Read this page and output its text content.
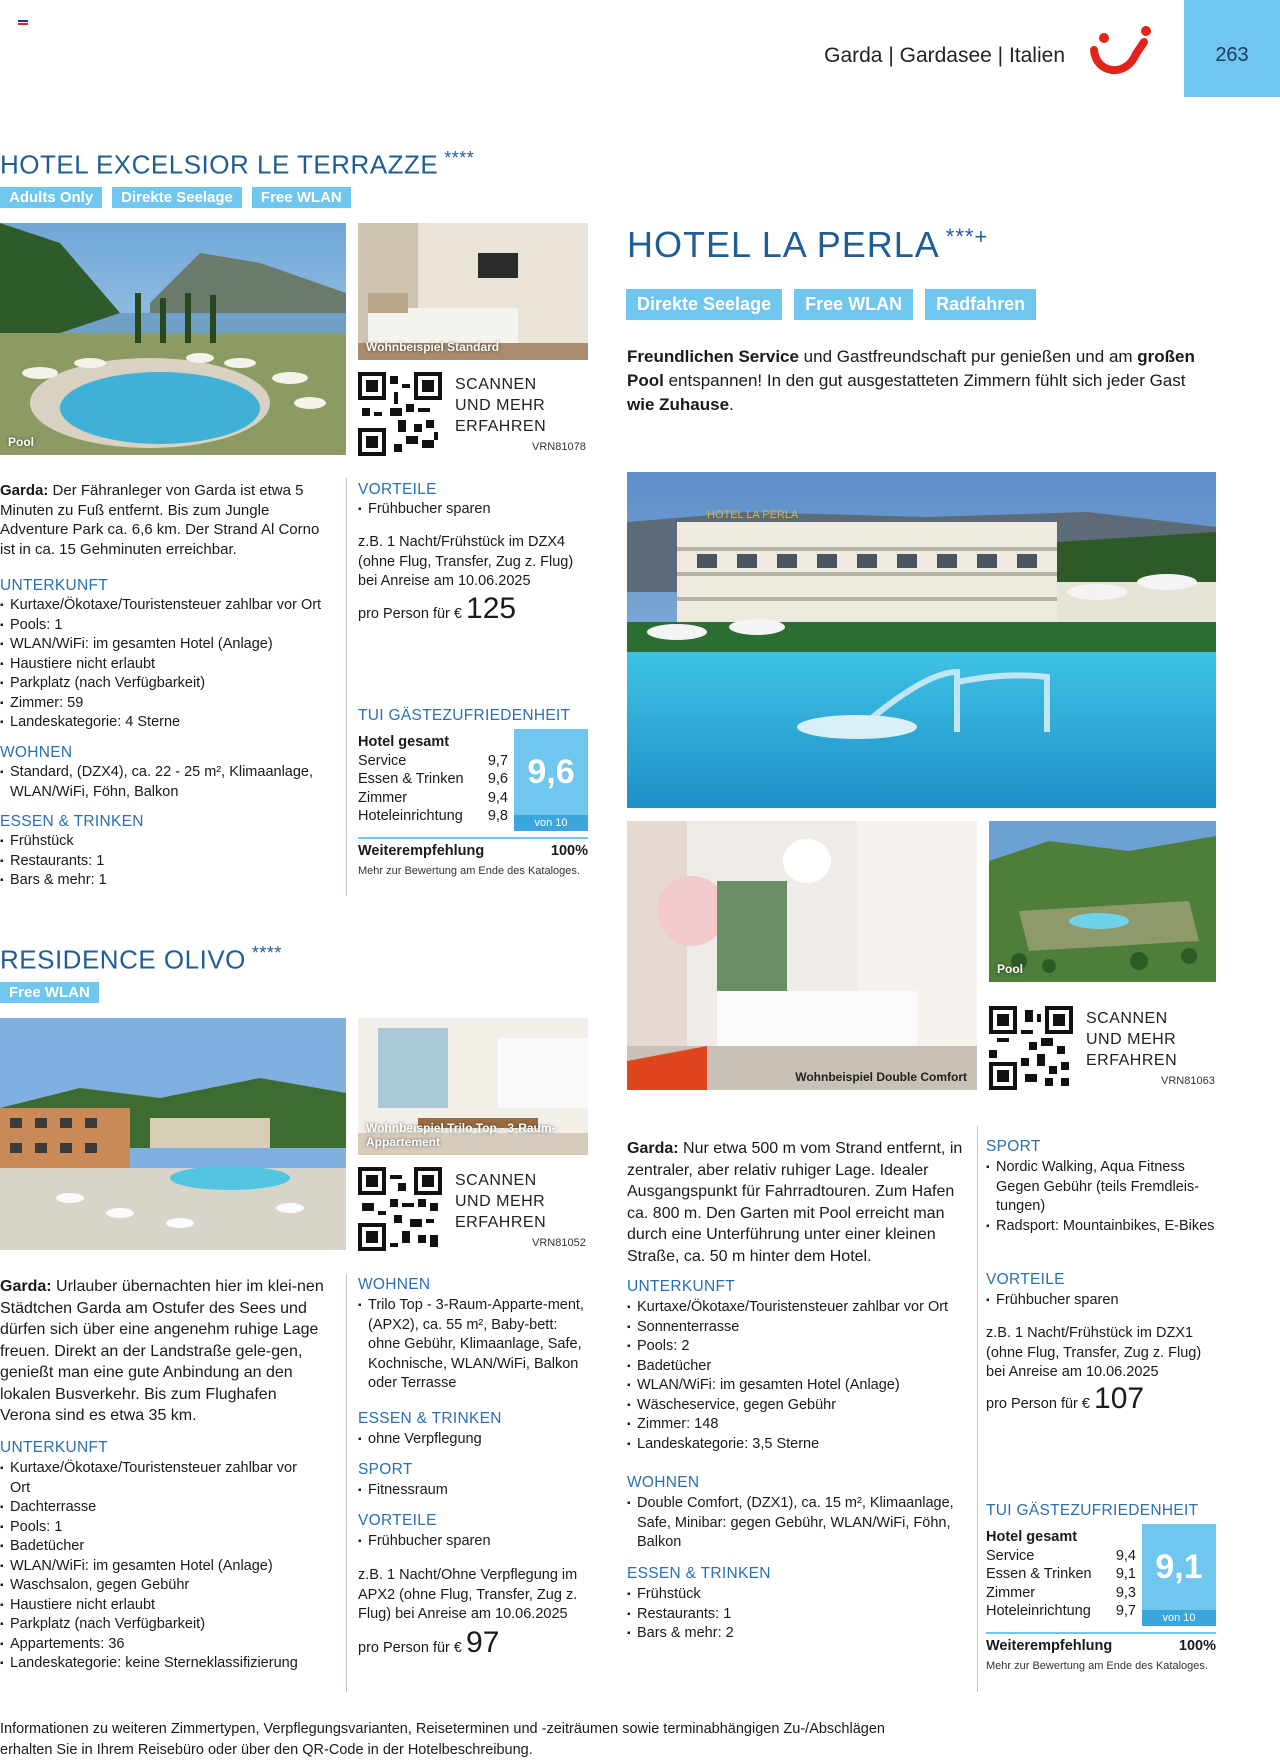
Garda | Gardasee | Italien	263
HOTEL EXCELSIOR LE TERRAZZE ****
Adults Only	Direkte Seelage	Free WLAN
Pool
Wohnbeispiel Standard
SCANNEN
UND MEHR
ERFAHREN
VRN81078
Garda: Der Fähranleger von Garda ist etwa 5 Minuten zu Fuß entfernt. Bis zum Jungle Adventure Park ca. 6,6 km. Der Strand Al Corno ist in ca. 15 Gehminuten erreichbar.
UNTERKUNFT
▪ Kurtaxe/Ökotaxe/Touristensteuer zahlbar vor Ort
▪ Pools: 1
▪ WLAN/WiFi: im gesamten Hotel (Anlage)
▪ Haustiere nicht erlaubt
▪ Parkplatz (nach Verfügbarkeit)
▪ Zimmer: 59
▪ Landeskategorie: 4 Sterne
WOHNEN
▪ Standard, (DZX4), ca. 22 - 25 m², Klimaanlage, WLAN/WiFi, Föhn, Balkon
ESSEN & TRINKEN
▪ Frühstück
▪ Restaurants: 1
▪ Bars & mehr: 1
VORTEILE
▪ Frühbucher sparen
z.B. 1 Nacht/Frühstück im DZX4 (ohne Flug, Transfer, Zug z. Flug) bei Anreise am 10.06.2025
pro Person für € 125
TUI GÄSTEZUFRIEDENHEIT
Hotel gesamt
Service	9,7
Essen & Trinken 9,6
Zimmer	9,4
Hoteleinrichtung 9,8
9,6
von 10
Weiterempfehlung	100%
Mehr zur Bewertung am Ende des Kataloges.
HOTEL LA PERLA ***+
Direkte Seelage	Free WLAN	Radfahren
Freundlichen Service und Gastfreundschaft pur genießen und am großen Pool entspannen! In den gut ausgestatteten Zimmern fühlt sich jeder Gast wie Zuhause.
HOTEL LA PERLA
Wohnbeispiel Double Comfort
Pool
SCANNEN
UND MEHR
ERFAHREN
VRN81063
Garda: Nur etwa 500 m vom Strand entfernt, in zentraler, aber relativ ruhiger Lage. Idealer Ausgangspunkt für Fahrradtouren. Zum Hafen ca. 800 m. Den Garten mit Pool erreicht man durch eine Unterführung unter einer kleinen Straße, ca. 50 m hinter dem Hotel.
UNTERKUNFT
▪ Kurtaxe/Ökotaxe/Touristensteuer zahlbar vor Ort
▪ Sonnenterrasse
▪ Pools: 2
▪ Badetücher
▪ WLAN/WiFi: im gesamten Hotel (Anlage)
▪ Wäscheservice, gegen Gebühr
▪ Zimmer: 148
▪ Landeskategorie: 3,5 Sterne
WOHNEN
▪ Double Comfort, (DZX1), ca. 15 m², Klimaanlage, Safe, Minibar: gegen Gebühr, WLAN/WiFi, Föhn, Balkon
ESSEN & TRINKEN
▪ Frühstück
▪ Restaurants: 1
▪ Bars & mehr: 2
SPORT
▪ Nordic Walking, Aqua Fitness Gegen Gebühr (teils Fremdleis-tungen)
▪ Radsport: Mountainbikes, E-Bikes
VORTEILE
▪ Frühbucher sparen
z.B. 1 Nacht/Frühstück im DZX1 (ohne Flug, Transfer, Zug z. Flug) bei Anreise am 10.06.2025
pro Person für € 107
TUI GÄSTEZUFRIEDENHEIT
Hotel gesamt
Service	9,4
Essen & Trinken 9,1
Zimmer	9,3
Hoteleinrichtung 9,7
9,1
von 10
Weiterempfehlung	100%
Mehr zur Bewertung am Ende des Kataloges.
RESIDENCE OLIVO ****
Free WLAN
Wohnbeispiel Trilo Top - 3-Raum-Appartement
SCANNEN
UND MEHR
ERFAHREN
VRN81052
Garda: Urlauber übernachten hier im klei-nen Städtchen Garda am Ostufer des Sees und dürfen sich über eine angenehm ruhige Lage freuen. Direkt an der Landstraße gele-gen, genießt man eine gute Anbindung an den lokalen Busverkehr. Bis zum Flughafen Verona sind es etwa 35 km.
UNTERKUNFT
▪ Kurtaxe/Ökotaxe/Touristensteuer zahlbar vor Ort
▪ Dachterrasse
▪ Pools: 1
▪ Badetücher
▪ WLAN/WiFi: im gesamten Hotel (Anlage)
▪ Waschsalon, gegen Gebühr
▪ Haustiere nicht erlaubt
▪ Parkplatz (nach Verfügbarkeit)
▪ Appartements: 36
▪ Landeskategorie: keine Sterneklassifizierung
WOHNEN
▪ Trilo Top - 3-Raum-Apparte-ment, (APX2), ca. 55 m², Baby-bett: ohne Gebühr, Klimaanlage, Safe, Kochnische, WLAN/WiFi, Balkon oder Terrasse
ESSEN & TRINKEN
▪ ohne Verpflegung
SPORT
▪ Fitnessraum
VORTEILE
▪ Frühbucher sparen
z.B. 1 Nacht/Ohne Verpflegung im APX2 (ohne Flug, Transfer, Zug z. Flug) bei Anreise am 10.06.2025
pro Person für € 97
Informationen zu weiteren Zimmertypen, Verpflegungsvarianten, Reiseterminen und -zeiträumen sowie terminabhängigen Zu-/Abschlägen
erhalten Sie in Ihrem Reisebüro oder über den QR-Code in der Hotelbeschreibung.
